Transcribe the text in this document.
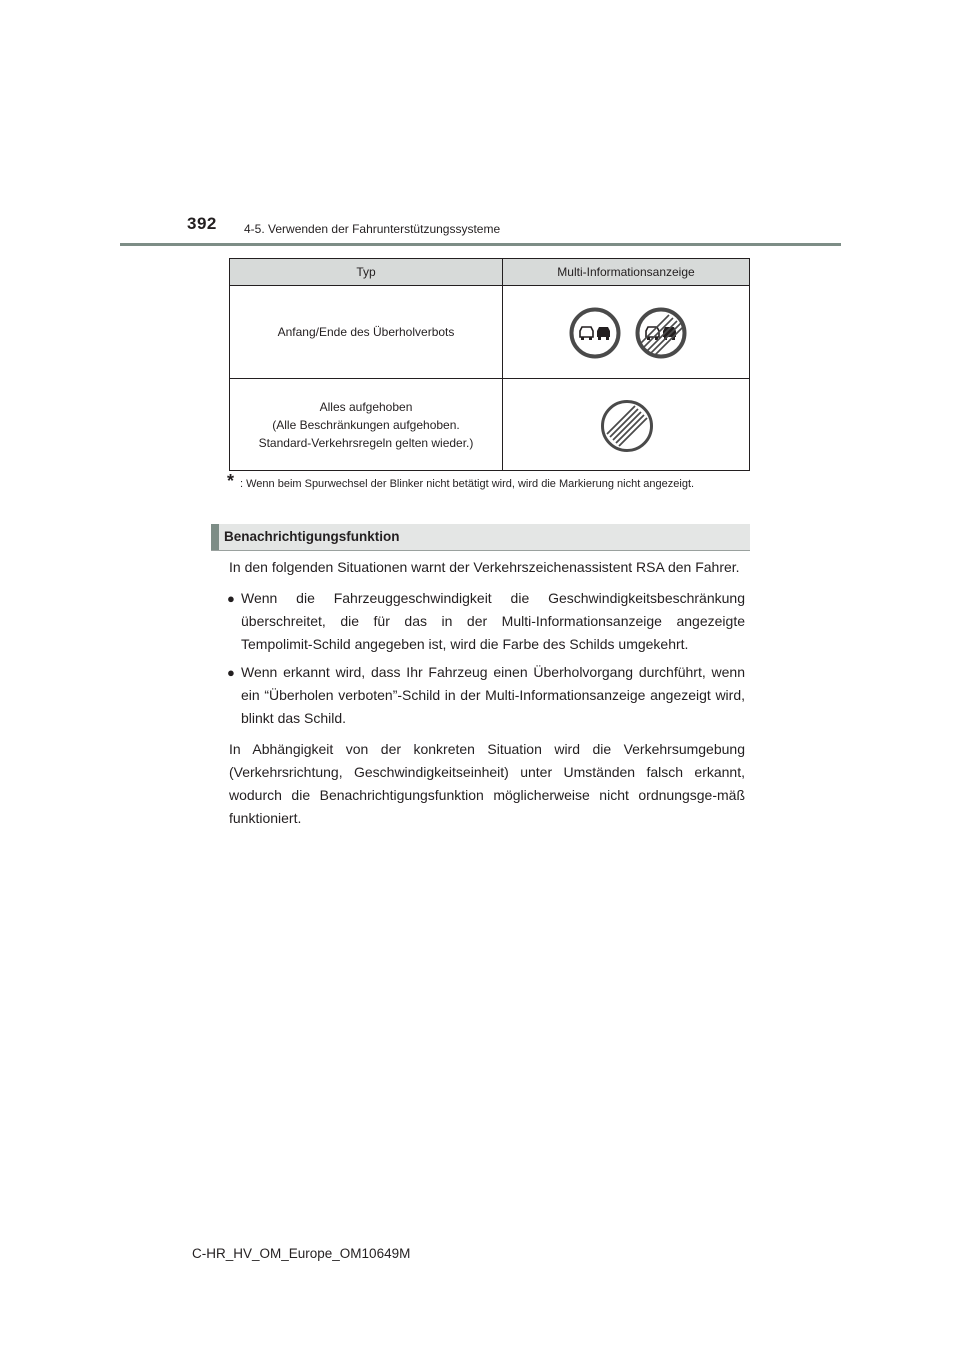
392 4-5. Verwenden der Fahrunterstützungssysteme
Typ	Multi-Informationsanzeige

Anfang/Ende des Überholverbots

Alles aufgehoben
(Alle Beschränkungen aufgehoben.
Standard-Verkehrsregeln gelten wieder.)

* : Wenn beim Spurwechsel der Blinker nicht betätigt wird, wird die Markierung nicht angezeigt.
Benachrichtigungsfunktion

In den folgenden Situationen warnt der Verkehrszeichenassistent RSA den Fahrer.

● Wenn die Fahrzeuggeschwindigkeit die Geschwindigkeitsbeschränkung überschreitet, die für das in der Multi-Informationsanzeige angezeigte Tempolimit-Schild angegeben ist, wird die Farbe des Schilds umgekehrt.
● Wenn erkannt wird, dass Ihr Fahrzeug einen Überholvorgang durchführt, wenn ein “Überholen verboten”-Schild in der Multi-Informationsanzeige angezeigt wird, blinkt das Schild.

In Abhängigkeit von der konkreten Situation wird die Verkehrsumgebung (Verkehrsrichtung, Geschwindigkeitseinheit) unter Umständen falsch erkannt, wodurch die Benachrichtigungsfunktion möglicherweise nicht ordnungsge-mäß funktioniert.

C-HR_HV_OM_Europe_OM10649M
